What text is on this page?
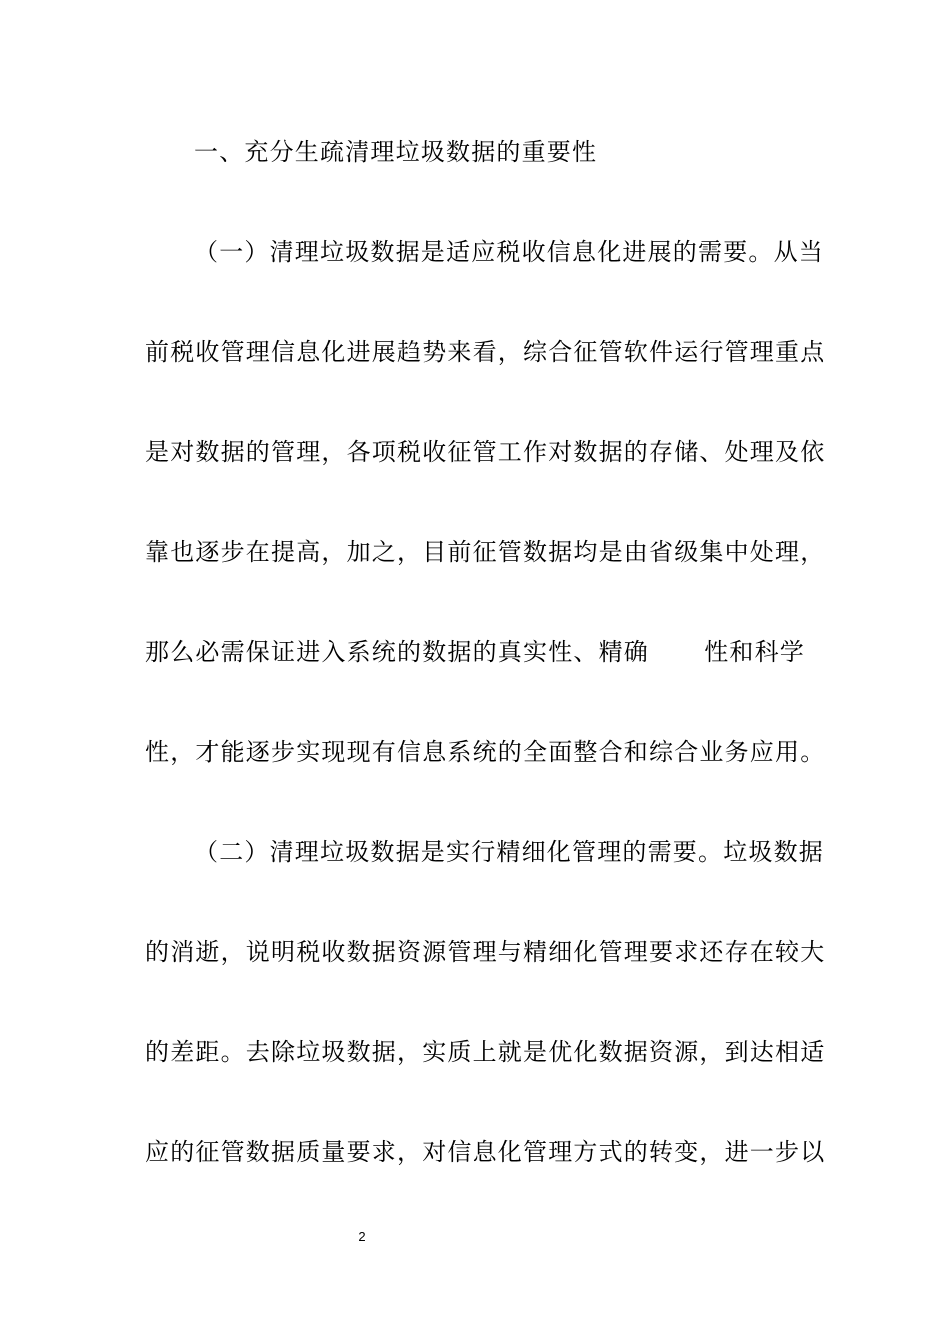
一、充分生疏清理垃圾数据的重要性
（一）清理垃圾数据是适应税收信息化进展的需要。从当
前税收管理信息化进展趋势来看，综合征管软件运行管理重点
是对数据的管理，各项税收征管工作对数据的存储、处理及依
靠也逐步在提高，加之，目前征管数据均是由省级集中处理，
那么必需保证进入系统的数据的真实性、精确 性和科学
性，才能逐步实现现有信息系统的全面整合和综合业务应用。
（二）清理垃圾数据是实行精细化管理的需要。垃圾数据
的消逝，说明税收数据资源管理与精细化管理要求还存在较大
的差距。去除垃圾数据，实质上就是优化数据资源，到达相适
应的征管数据质量要求，对信息化管理方式的转变，进一步以
2
